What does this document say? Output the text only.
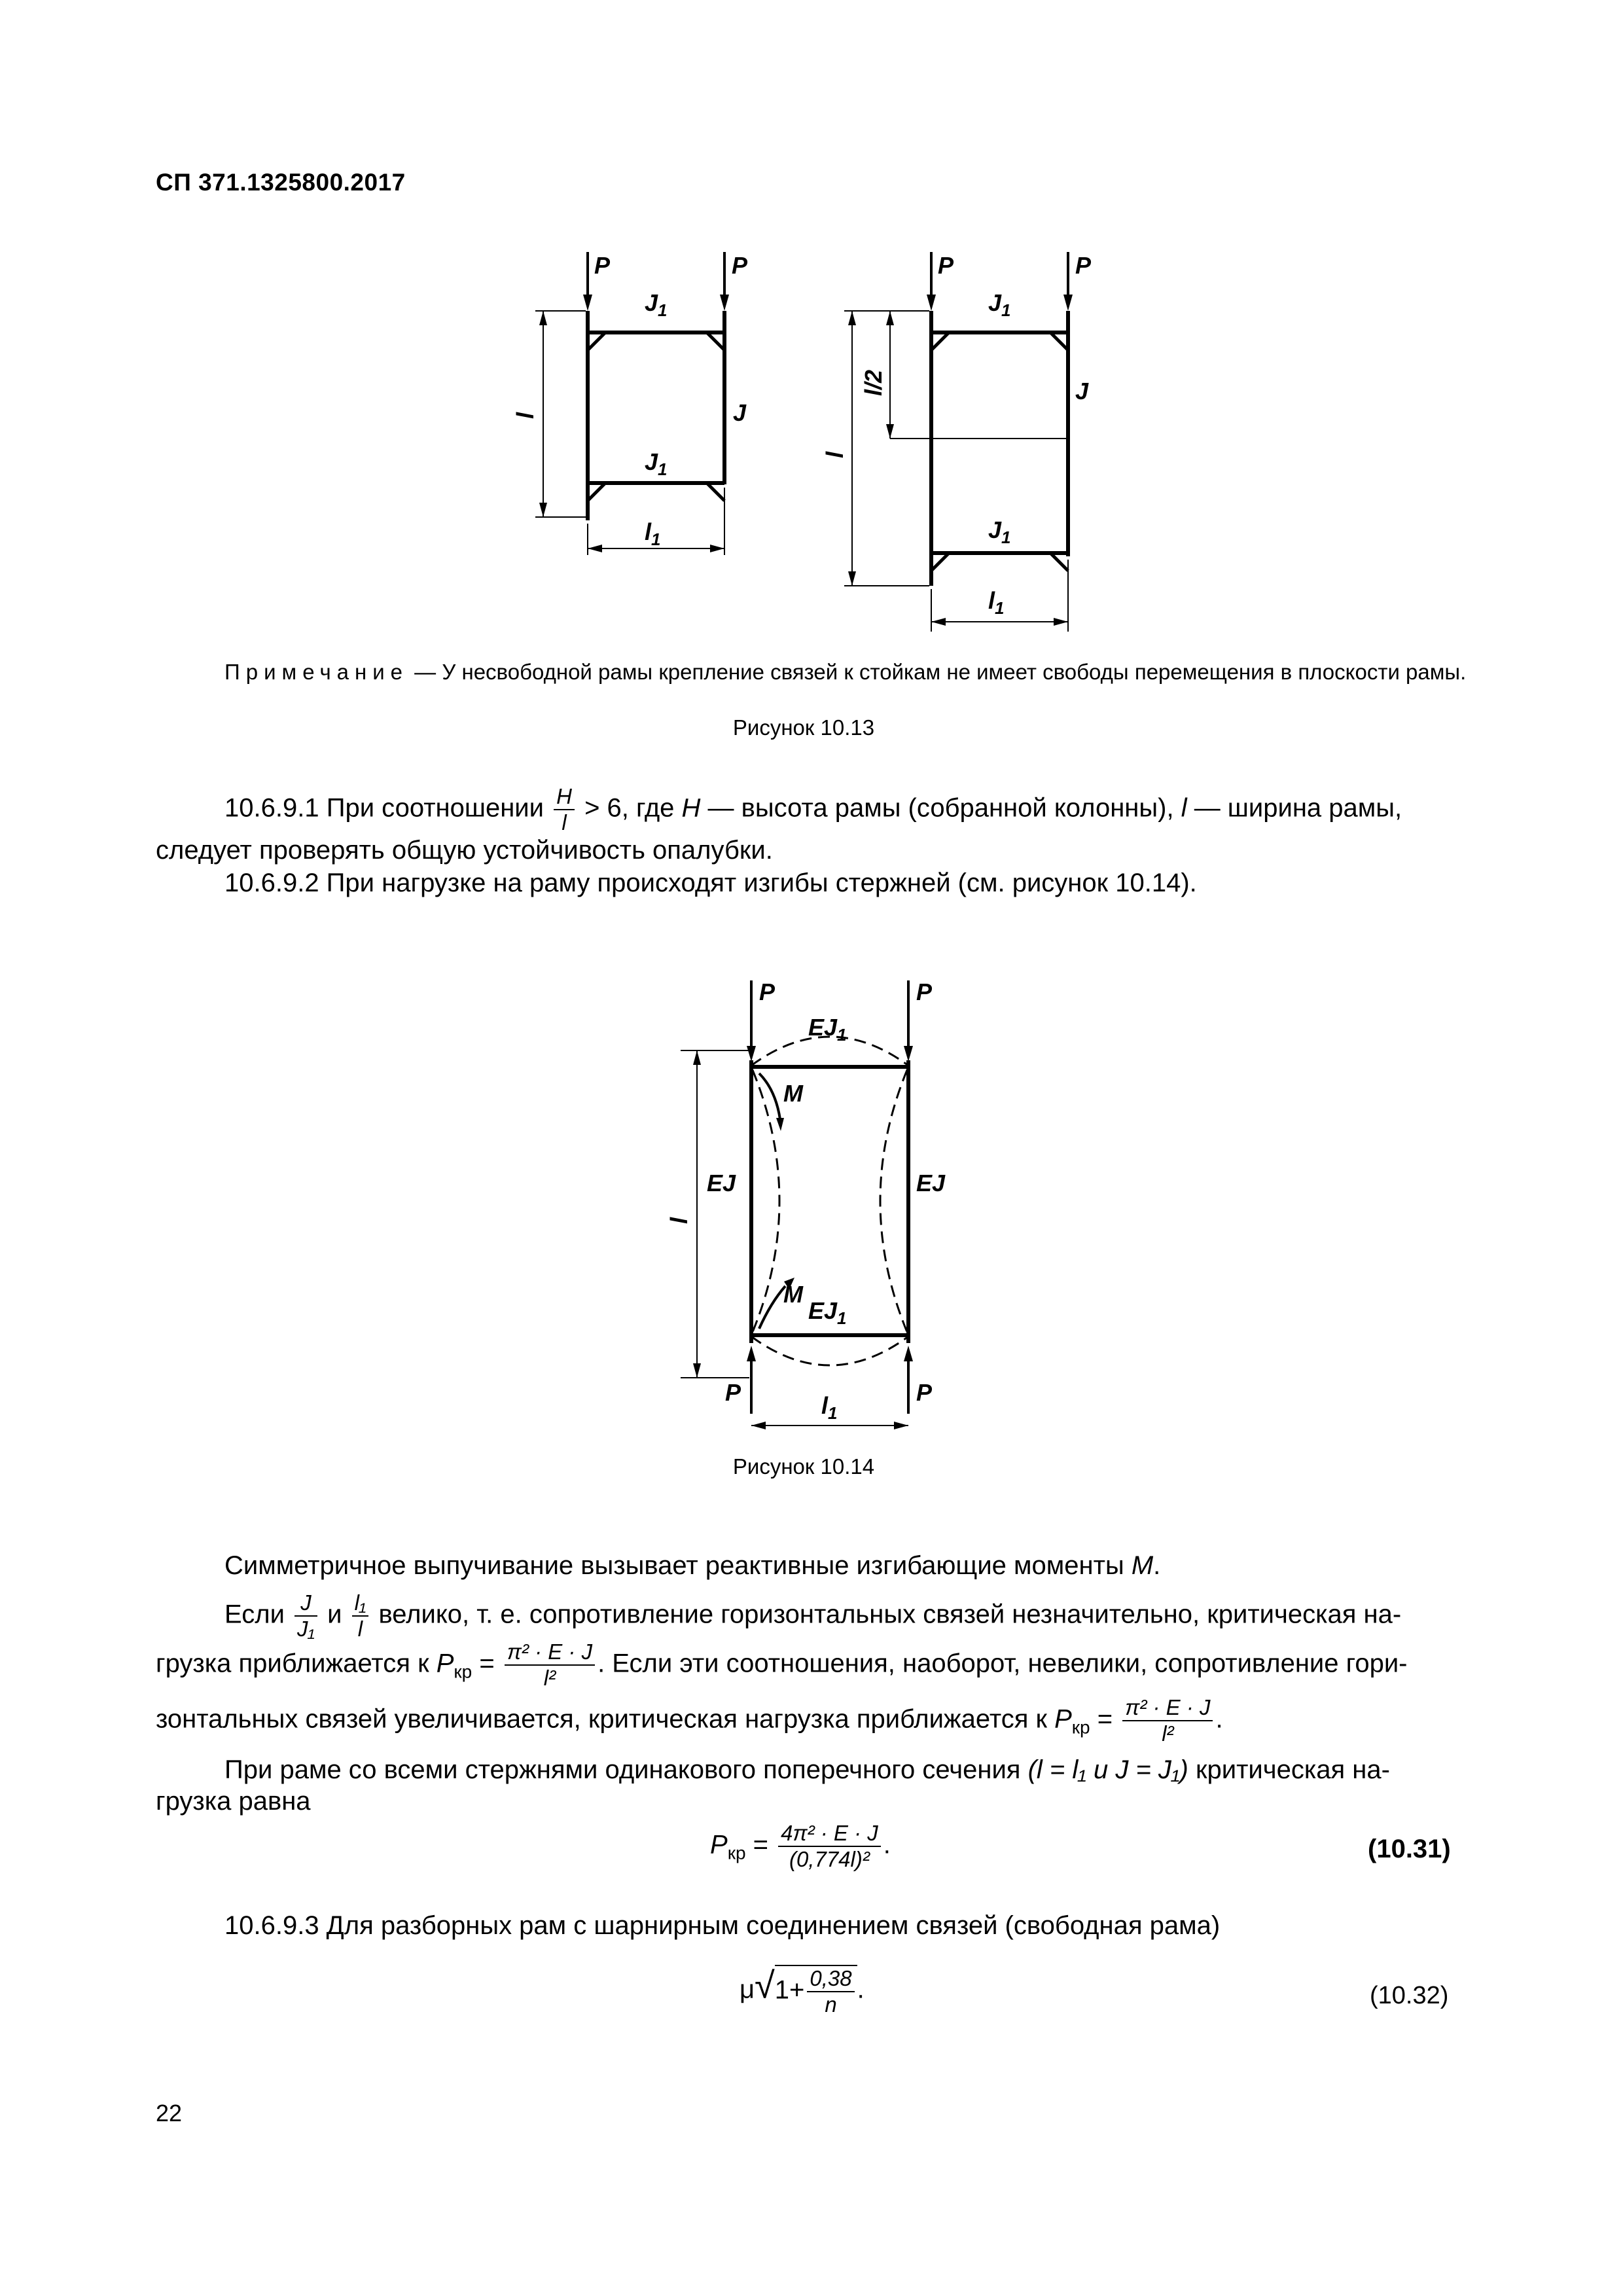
СП 371.1325800.2017
P	P	P	P
$J_1$
$J_1$
J
$l_1$
l
$J_1$
J
$J_1$
$l_1$
l
l/2
Примечание — У несвободной рамы крепление связей к стойкам не имеет свободы перемещения в плоскости рамы.
Рисунок 10.13
10.6.9.1 При соотношении $\frac{H}{l} > 6$, где H — высота рамы (собранной колонны), l — ширина рамы,
следует проверять общую устойчивость опалубки.
10.6.9.2 При нагрузке на раму происходят изгибы стержней (см. рисунок 10.14).
P	P
$EJ_1$
M
EJ	EJ
M
$EJ_1$
P	P
$l_1$
l
Рисунок 10.14
Симметричное выпучивание вызывает реактивные изгибающие моменты M.
Если $\frac{J}{\text{J₁}}$ и $\frac{\text{l₁}}{l}$ велико, т. е. сопротивление горизонтальных связей незначительно, критическая на-
грузка приближается к $P_{кр} = \frac{\text{π² · E · J}}{\text{l²}}$ . Если эти соотношения, наоборот, невелики, сопротивление гори-
зонтальных связей увеличивается, критическая нагрузка приближается к $P_{кр} = \frac{\text{π² · E · J}}{\text{l²}}$ .
При раме со всеми стержнями одинакового поперечного сечения (l = l₁ и J = J₁) критическая на-
грузка равна
$P_{кр} = \frac{\text{4π² · E · J}}{\text{(0,774l)²}}$ .	(10.31)
10.6.9.3 Для разборных рам с шарнирным соединением связей (свободная рама)
$\mu√1+ \frac{0,38}{n}$ .	(10.32)
22
